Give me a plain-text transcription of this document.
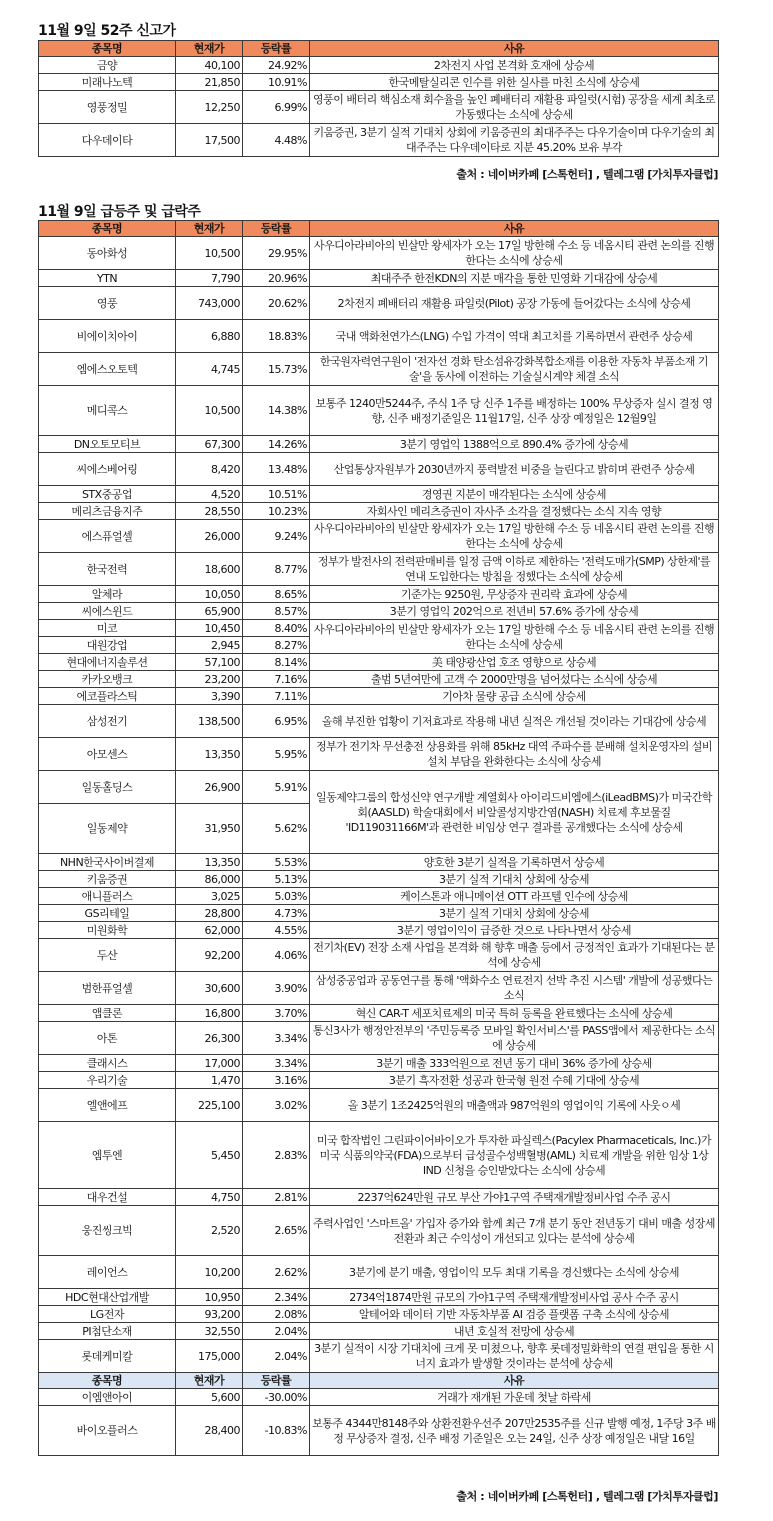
11월 9일 52주 신고가
종목명	현재가	등락률	사유
금양	40,100	24.92%	2차전지 사업 본격화 호재에 상승세
미래나노텍	21,850	10.91%	한국메탈실리콘 인수를 위한 실사를 마친 소식에 상승세
영풍정밀	12,250	6.99%	영풍이 배터리 핵심소재 회수율을 높인 폐배터리 재활용 파일럿(시험) 공장을 세계 최초로 가동했다는 소식에 상승세
다우데이타	17,500	4.48%	키움증권, 3분기 실적 기대치 상회에 키움증권의 최대주주는 다우기술이며 다우기술의 최대주주는 다우데이타로 지분 45.20% 보유 부각
출처 : 네이버카페 [스톡헌터] , 텔레그램 [가치투자클럽]
11월 9일 급등주 및 급락주
종목명	현재가	등락률	사유
동아화성	10,500	29.95%	사우디아라비아의 빈살만 왕세자가 오는 17일 방한해 수소 등 네옴시티 관련 논의를 진행한다는 소식에 상승세
YTN	7,790	20.96%	최대주주 한전KDN의 지분 매각을 통한 민영화 기대감에 상승세
영풍	743,000	20.62%	2차전지 폐배터리 재활용 파일럿(Pilot) 공장 가동에 들어갔다는 소식에 상승세
비에이치아이	6,880	18.83%	국내 액화천연가스(LNG) 수입 가격이 역대 최고치를 기록하면서 관련주 상승세
엠에스오토텍	4,745	15.73%	한국원자력연구원이 '전자선 경화 탄소섬유강화복합소재를 이용한 자동차 부품소재 기술'을 동사에 이전하는 기술실시계약 체결 소식
메디콕스	10,500	14.38%	보통주 1240만5244주, 주식 1주 당 신주 1주를 배정하는 100% 무상증자 실시 결정 영향, 신주 배정기준일은 11월17일, 신주 상장 예정일은 12월9일
DN오토모티브	67,300	14.26%	3분기 영업익 1388억으로 890.4% 증가에 상승세
씨에스베어링	8,420	13.48%	산업통상자원부가 2030년까지 풍력발전 비중을 늘린다고 밝히며 관련주 상승세
STX중공업	4,520	10.51%	경영권 지분이 매각된다는 소식에 상승세
메리츠금융지주	28,550	10.23%	자회사인 메리츠증권이 자사주 소각을 결정했다는 소식 지속 영향
에스퓨얼셀	26,000	9.24%	사우디아라비아의 빈살만 왕세자가 오는 17일 방한해 수소 등 네옴시티 관련 논의를 진행한다는 소식에 상승세
한국전력	18,600	8.77%	정부가 발전사의 전력판매비를 일정 금액 이하로 제한하는 '전력도매가(SMP) 상한제'를 연내 도입한다는 방침을 정했다는 소식에 상승세
알체라	10,050	8.65%	기준가는 9250원, 무상증자 권리락 효과에 상승세
씨에스윈드	65,900	8.57%	3분기 영업익 202억으로 전년비 57.6% 증가에 상승세
미코	10,450	8.40%	사우디아라비아의 빈살만 왕세자가 오는 17일 방한해 수소 등 네옴시티 관련 논의를 진행한다는 소식에 상승세
대원강업	2,945	8.27%	
현대에너지솔루션	57,100	8.14%	美 태양광산업 호조 영향으로 상승세
카카오뱅크	23,200	7.16%	출범 5년여만에 고객 수 2000만명을 넘어섰다는 소식에 상승세
에코플라스틱	3,390	7.11%	기아차 물량 공급 소식에 상승세
삼성전기	138,500	6.95%	올해 부진한 업황이 기저효과로 작용해 내년 실적은 개선될 것이라는 기대감에 상승세
아모센스	13,350	5.95%	정부가 전기차 무선충전 상용화를 위해 85kHz 대역 주파수를 분배해 설치운영자의 설비 설치 부담을 완화한다는 소식에 상승세
일동홀딩스	26,900	5.91%	일동제약그룹의 합성신약 연구개발 계열회사 아이리드비엠에스(iLeadBMS)가 미국간학회(AASLD) 학술대회에서 비알콜성지방간염(NASH) 치료제 후보물질 'ID119031166M'과 관련한 비임상 연구 결과를 공개했다는 소식에 상승세
일동제약	31,950	5.62%	
NHN한국사이버결제	13,350	5.53%	양호한 3분기 실적을 기록하면서 상승세
키움증권	86,000	5.13%	3분기 실적 기대치 상회에 상승세
애니플러스	3,025	5.03%	케이스톤과 애니메이션 OTT 라프텔 인수에 상승세
GS리테일	28,800	4.73%	3분기 실적 기대치 상회에 상승세
미원화학	62,000	4.55%	3분기 영업이익이 급증한 것으로 나타나면서 상승세
두산	92,200	4.06%	전기차(EV) 전장 소재 사업을 본격화 해 향후 매출 등에서 긍정적인 효과가 기대된다는 분석에 상승세
범한퓨얼셀	30,600	3.90%	삼성중공업과 공동연구를 통해 '액화수소 연료전지 선박 추진 시스템' 개발에 성공했다는 소식
앱클론	16,800	3.70%	혁신 CAR-T 세포치료제의 미국 특허 등록을 완료했다는 소식에 상승세
아톤	26,300	3.34%	통신3사가 행정안전부의 '주민등록증 모바일 확인서비스'를 PASS앱에서 제공한다는 소식에 상승세
클래시스	17,000	3.34%	3분기 매출 333억원으로 전년 동기 대비 36% 증가에 상승세
우리기술	1,470	3.16%	3분기 흑자전환 성공과 한국형 원전 수혜 기대에 상승세
엘앤에프	225,100	3.02%	올 3분기 1조2425억원의 매출액과 987억원의 영업이익 기록에 사웃ㅇ세
엠투엔	5,450	2.83%	미국 합작법인 그린파이어바이오가 투자한 파실렉스(Pacylex Pharmaceticals, Inc.)가 미국 식품의약국(FDA)으로부터 급성골수성백혈병(AML) 치료제 개발을 위한 임상 1상 IND 신청을 승인받았다는 소식에 상승세
대우건설	4,750	2.81%	2237억624만원 규모 부산 가야1구역 주택재개발정비사업 수주 공시
웅진씽크빅	2,520	2.65%	주력사업인 '스마트올' 가입자 증가와 함께 최근 7개 분기 동안 전년동기 대비 매출 성장세 전환과 최근 수익성이 개선되고 있다는 분석에 상승세
레이언스	10,200	2.62%	3분기에 분기 매출, 영업이익 모두 최대 기록을 경신했다는 소식에 상승세
HDC현대산업개발	10,950	2.34%	2734억1874만원 규모의 가야1구역 주택재개발정비사업 공사 수주 공시
LG전자	93,200	2.08%	알테어와 데이터 기반 자동차부품 AI 검증 플랫폼 구축 소식에 상승세
PI첨단소재	32,550	2.04%	내년 호실적 전망에 상승세
롯데케미칼	175,000	2.04%	3분기 실적이 시장 기대치에 크게 못 미쳤으나, 향후 롯데정밀화학의 연결 편입을 통한 시너지 효과가 발생할 것이라는 분석에 상승세
종목명	현재가	등락률	사유
이엠앤아이	5,600	-30.00%	거래가 재개된 가운데 첫날 하락세
바이오플러스	28,400	-10.83%	보통주 4344만8148주와 상환전환우선주 207만2535주를 신규 발행 예정, 1주당 3주 배정 무상증자 결정, 신주 배정 기준일은 오는 24일, 신주 상장 예정일은 내달 16일
출처 : 네이버카페 [스톡헌터] , 텔레그램 [가치투자클럽]
